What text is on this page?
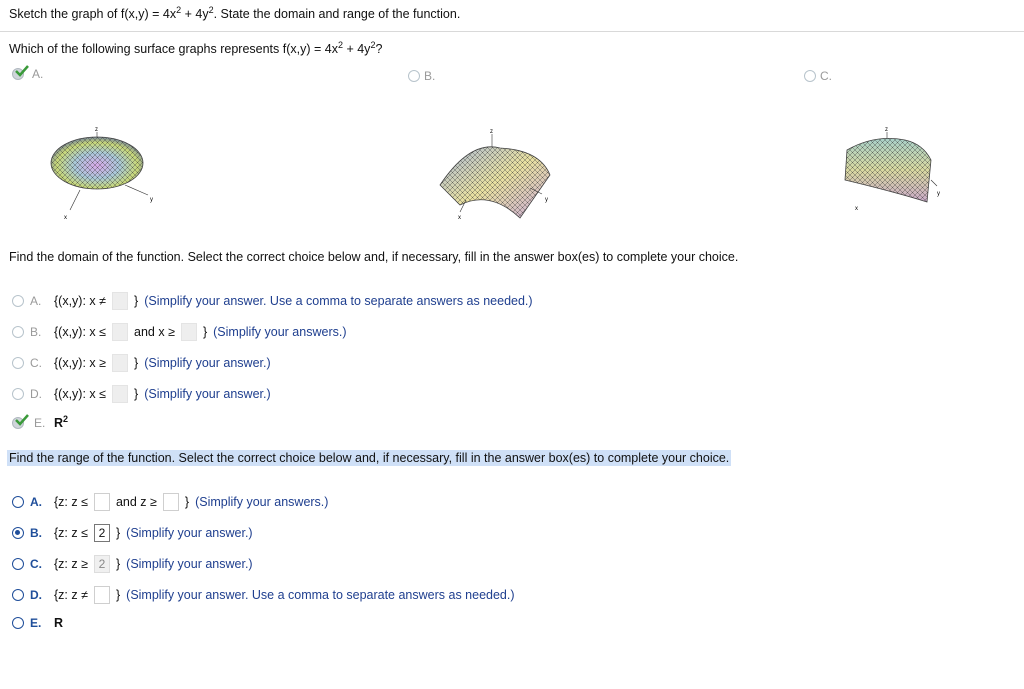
Sketch the graph of $f(x,y) = 4x^2 + 4y^2$. State the domain and range of the function.
Which of the following surface graphs represents $f(x,y) = 4x^2 + 4y^2$?
A.	B.	C.
z
y
x
z
y
x
z
y
x
Find the domain of the function. Select the correct choice below and, if necessary, fill in the answer box(es) to complete your choice.
A.	{(x,y): x ≠ } (Simplify your answer. Use a comma to separate answers as needed.)
B.	{(x,y): x ≤ and x ≥ } (Simplify your answers.)
C. {(x,y): x ≥ } (Simplify your answer.)
D. {(x,y): x ≤ } (Simplify your answer.)
E. $R^2$
Find the range of the function. Select the correct choice below and, if necessary, fill in the answer box(es) to complete your choice.
A. {z: z ≤ and z ≥ } (Simplify your answers.)
B. {z: z ≤ 2 } (Simplify your answer.)
C. {z: z ≥ 2 } (Simplify your answer.)
D. {z: z ≠ } (Simplify your answer. Use a comma to separate answers as needed.)
E.	R
